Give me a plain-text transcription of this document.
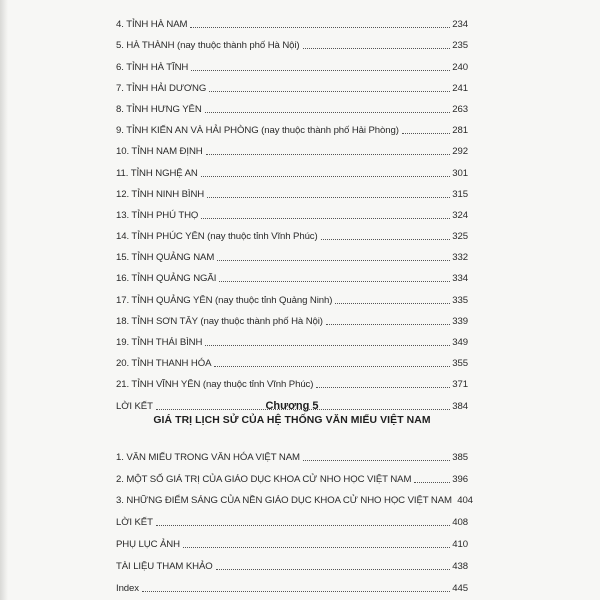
4. TỈNH HÀ NAM	234
5. HÀ THÀNH (nay thuộc thành phố Hà Nội)	235
6. TỈNH HÀ TĨNH	240
7. TỈNH HẢI DƯƠNG	241
8. TỈNH HƯNG YÊN	263
9. TỈNH KIẾN AN VÀ HẢI PHÒNG (nay thuộc thành phố Hải Phòng)	281
10. TỈNH NAM ĐỊNH	292
11. TỈNH NGHỆ AN	301
12. TỈNH NINH BÌNH	315
13. TỈNH PHÚ THỌ	324
14. TỈNH PHÚC YÊN (nay thuộc tỉnh Vĩnh Phúc)	325
15. TỈNH QUẢNG NAM	332
16. TỈNH QUẢNG NGÃI	334
17. TỈNH QUẢNG YÊN (nay thuộc tỉnh Quảng Ninh)	335
18. TỈNH SƠN TÂY (nay thuộc thành phố Hà Nội)	339
19. TỈNH THÁI BÌNH	349
20. TỈNH THANH HÓA	355
21. TỈNH VĨNH YÊN (nay thuộc tỉnh Vĩnh Phúc)	371
LỜI KẾT	384
Chương 5
GIÁ TRỊ LỊCH SỬ CỦA HỆ THỐNG VĂN MIẾU VIỆT NAM
1. VĂN MIẾU TRONG VĂN HÓA VIỆT NAM	385
2. MỘT SỐ GIÁ TRỊ CỦA GIÁO DỤC KHOA CỬ NHO HỌC VIỆT NAM	396
3. NHỮNG ĐIỂM SÁNG CỦA NỀN GIÁO DỤC KHOA CỬ NHO HỌC VIỆT NAM 404
LỜI KẾT	408
PHỤ LỤC ẢNH	410
TÀI LIỆU THAM KHẢO	438
Index	445
